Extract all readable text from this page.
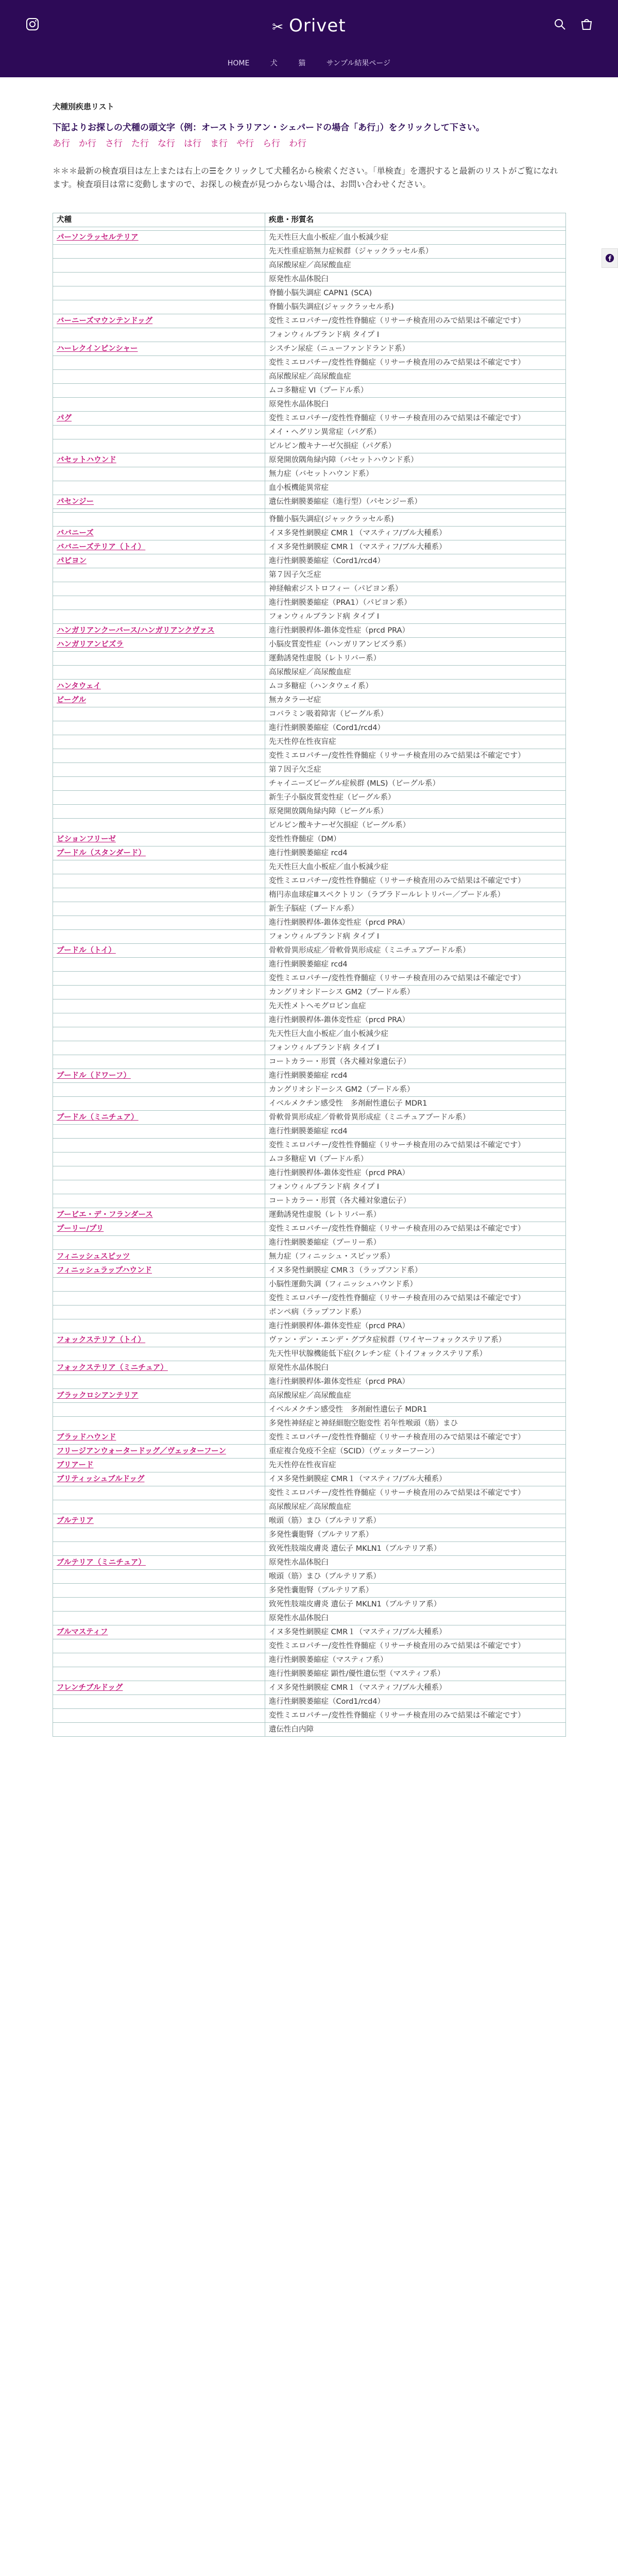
✂ Orivet
HOME	犬	猫	サンプル結果ページ
犬種別疾患リスト
下記よりお探しの犬種の頭文字（例：オーストラリアン・シェパードの場合「あ行」）をクリックして下さい。
あ行 か行 さ行 た行 な行 は行 ま行 や行 ら行 わ行
＊＊＊最新の検査項目は左上または右上の☰をクリックして犬種名から検索ください。「単検査」を選択すると最新のリストがご覧になれます。検査項目は常に変動しますので、お探しの検査が見つからない場合は、お問い合わせください。
犬種	疾患・形質名

パーソンラッセルテリア	先天性巨大血小板症／血小板減少症
	先天性重症筋無力症候群（ジャックラッセル系）
	高尿酸尿症／高尿酸血症
	原発性水晶体脱臼
	脊髄小脳失調症 CAPN1 (SCA)
	脊髄小脳失調症(ジャックラッセル系)
バーニーズマウンテンドッグ	変性ミエロパチー/変性性脊髄症（リサーチ検査用のみで結果は不確定です）
	フォンウィルブランド病 タイプ I
ハーレクインピンシャー	シスチン尿症（ニューファンドランド系）
	変性ミエロパチー/変性性脊髄症（リサーチ検査用のみで結果は不確定です）
	高尿酸尿症／高尿酸血症
	ムコ多糖症 VI（プードル系）
	原発性水晶体脱臼
パグ	変性ミエロパチー/変性性脊髄症（リサーチ検査用のみで結果は不確定です）
	メイ・ヘグリン異常症（パグ系）
	ピルビン酸キナーゼ欠損症（パグ系）
バセットハウンド	原発開放隅角緑内障（バセットハウンド系）
	無力症（バセットハウンド系）
	血小板機能異常症
パセンジー	遺伝性網膜萎縮症（進行型）（パセンジー系）

	脊髄小脳失調症(ジャックラッセル系)
ババニーズ	イヌ多発性網膜症 CMR１（マスティフ/ブル大種系）
ババニーズテリア（トイ）	イヌ多発性網膜症 CMR１（マスティフ/ブル大種系）
パピヨン	進行性網膜萎縮症（Cord1/rcd4）
	第７因子欠乏症
	神経軸索ジストロフィー（パピヨン系）
	進行性網膜萎縮症（PRA1）（パピヨン系）
	フォンウィルブランド病 タイプ I
ハンガリアンクーバース/ハンガリアンクヴァス	進行性網膜桿体-錐体変性症（prcd PRA）
ハンガリアンビズラ	小脳皮質変性症（ハンガリアンビズラ系）
	運動誘発性虚脱（レトリバー系）
	高尿酸尿症／高尿酸血症
ハンタウェイ	ムコ多糖症（ハンタウェイ系）
ビーグル	無カタラーゼ症
	コバラミン吸着障害（ビーグル系）
	進行性網膜萎縮症（Cord1/rcd4）
	先天性停在性夜盲症
	変性ミエロパチー/変性性脊髄症（リサーチ検査用のみで結果は不確定です）
	第７因子欠乏症
	チャイニーズビーグル症候群 (MLS)（ビーグル系）
	新生子小脳皮質変性症（ビーグル系）
	原発開放隅角緑内障（ビーグル系）
	ピルビン酸キナーゼ欠損症（ビーグル系）
ビションフリーゼ	変性性脊髄症（DM）
プードル（スタンダード）	進行性網膜萎縮症 rcd4
	先天性巨大血小板症／血小板減少症
	変性ミエロパチー/変性性脊髄症（リサーチ検査用のみで結果は不確定です）
	楕円赤血球症Ⅲスペクトリン（ラブラドールレトリバー／プードル系）
	新生子脳症（プードル系）
	進行性網膜桿体-錐体変性症（prcd PRA）
	フォンウィルブランド病 タイプ I
プードル（トイ）	骨軟骨異形成症／骨軟骨異形成症（ミニチュアプードル系）
	進行性網膜萎縮症 rcd4
	変性ミエロパチー/変性性脊髄症（リサーチ検査用のみで結果は不確定です）
	カングリオシドーシス GM2（プードル系）
	先天性メトヘモグロビン血症
	進行性網膜桿体-錐体変性症（prcd PRA）
	先天性巨大血小板症／血小板減少症
	フォンウィルブランド病 タイプ I
	コートカラー・形質（各犬種対象遺伝子）
プードル（ドワーフ）	進行性網膜萎縮症 rcd4
	カングリオシドーシス GM2（プードル系）
	イベルメクチン感受性　多剤耐性遺伝子 MDR1
プードル（ミニチュア）	骨軟骨異形成症／骨軟骨異形成症（ミニチュアプードル系）
	進行性網膜萎縮症 rcd4
	変性ミエロパチー/変性性脊髄症（リサーチ検査用のみで結果は不確定です）
	ムコ多糖症 VI（プードル系）
	進行性網膜桿体-錐体変性症（prcd PRA）
	フォンウィルブランド病 タイプ I
	コートカラー・形質（各犬種対象遺伝子）
ブービエ・デ・フランダース	運動誘発性虚脱（レトリバー系）
プーリー/プリ	変性ミエロパチー/変性性脊髄症（リサーチ検査用のみで結果は不確定です）
	進行性網膜萎縮症（プーリー系）
フィニッシュスピッツ	無力症（フィニッシュ・スピッツ系）
フィニッシュラップハウンド	イヌ多発性網膜症 CMR３（ラップフンド系）
	小脳性運動失調（フィニッシュハウンド系）
	変性ミエロパチー/変性性脊髄症（リサーチ検査用のみで結果は不確定です）
	ポンペ病（ラップフンド系）
	進行性網膜桿体-錐体変性症（prcd PRA）
フォックステリア（トイ）	ヴァン・デン・エンデ・グプタ症候群（ワイヤーフォックステリア系）
	先天性甲状腺機能低下症(クレチン症（トイフォックステリア系）
フォックステリア（ミニチュア）	原発性水晶体脱臼
	進行性網膜桿体-錐体変性症（prcd PRA）
ブラックロシアンテリア	高尿酸尿症／高尿酸血症
	イベルメクチン感受性　多剤耐性遺伝子 MDR1
	多発性神経症と神経細胞空胞変性 若年性喉頭（筋）まひ
ブラッドハウンド	変性ミエロパチー/変性性脊髄症（リサーチ検査用のみで結果は不確定です）
フリージアンウォータードッグ／ヴェッターフーン	重症複合免疫不全症（SCID）（ヴェッターフーン）
ブリアード	先天性停在性夜盲症
ブリティッシュブルドッグ	イヌ多発性網膜症 CMR１（マスティフ/ブル大種系）
	変性ミエロパチー/変性性脊髄症（リサーチ検査用のみで結果は不確定です）
	高尿酸尿症／高尿酸血症
ブルテリア	喉頭（筋）まひ（ブルテリア系）
	多発性嚢胞腎（ブルテリア系）
	致死性肢端皮膚炎 遺伝子 MKLN1（ブルテリア系）
ブルテリア（ミニチュア）	原発性水晶体脱臼
	喉頭（筋）まひ（ブルテリア系）
	多発性嚢胞腎（ブルテリア系）
	致死性肢端皮膚炎 遺伝子 MKLN1（ブルテリア系）
	原発性水晶体脱臼
ブルマスティフ	イヌ多発性網膜症 CMR１（マスティフ/ブル大種系）
	変性ミエロパチー/変性性脊髄症（リサーチ検査用のみで結果は不確定です）
	進行性網膜萎縮症（マスティフ系）
	進行性網膜萎縮症 顕性/優性遺伝型（マスティフ系）
フレンチブルドッグ	イヌ多発性網膜症 CMR１（マスティフ/ブル大種系）
	進行性網膜萎縮症（Cord1/rcd4）
	変性ミエロパチー/変性性脊髄症（リサーチ検査用のみで結果は不確定です）
	遺伝性白内障
